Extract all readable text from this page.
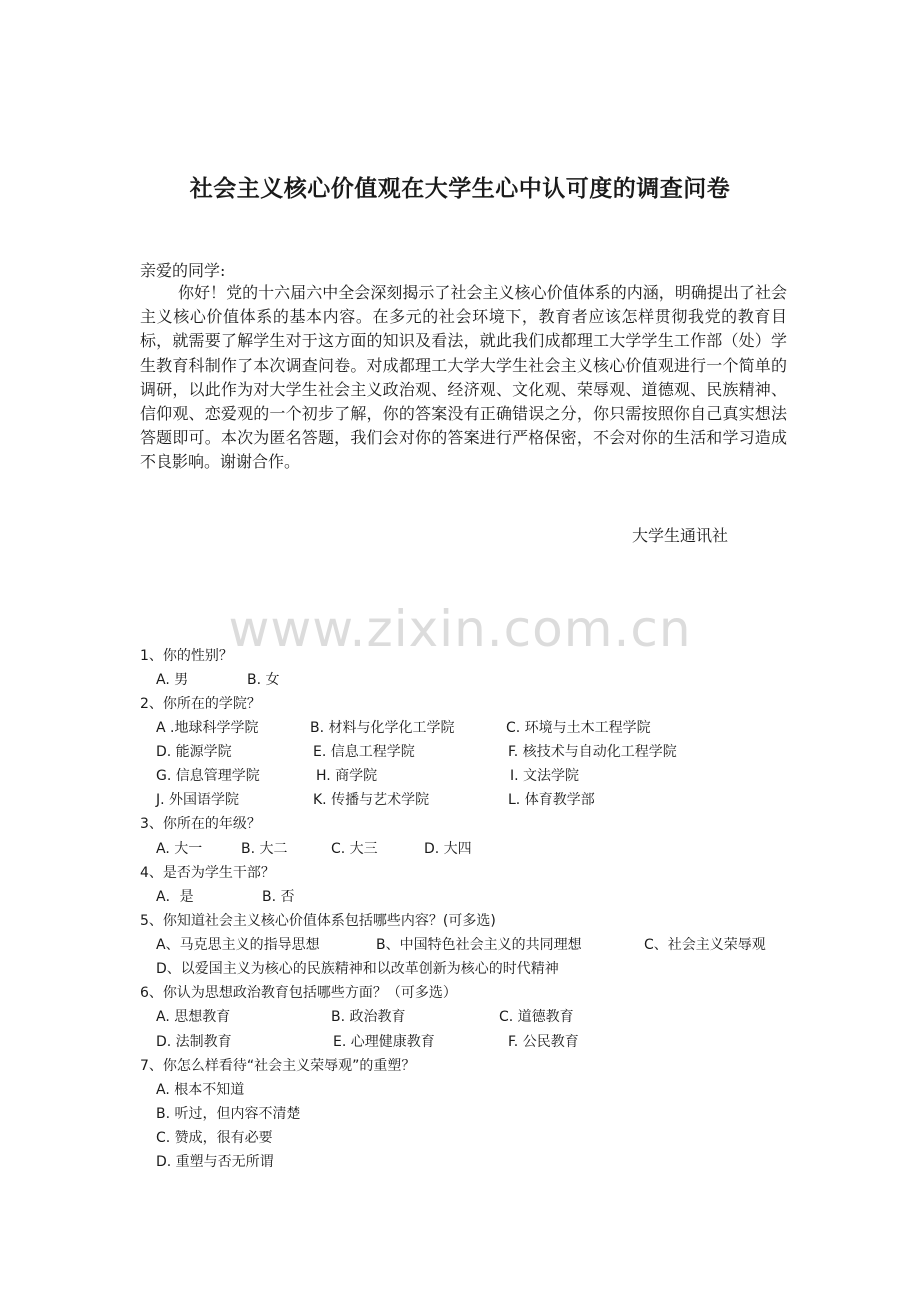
www.zixin.com.cn
社会主义核心价值观在大学生心中认可度的调查问卷
亲爱的同学:

你好！党的十六届六中全会深刻揭示了社会主义核心价值体系的内涵，明确提出了社会主义核心价值体系的基本内容。在多元的社会环境下，教育者应该怎样贯彻我党的教育目标，就需要了解学生对于这方面的知识及看法，就此我们成都理工大学学生工作部（处）学生教育科制作了本次调查问卷。对成都理工大学大学生社会主义核心价值观进行一个简单的调研，以此作为对大学生社会主义政治观、经济观、文化观、荣辱观、道德观、民族精神、信仰观、恋爱观的一个初步了解，你的答案没有正确错误之分，你只需按照你自己真实想法答题即可。本次为匿名答题，我们会对你的答案进行严格保密，不会对你的生活和学习造成不良影响。谢谢合作。

大学生通讯社
1、你的性别？
A. 男	B. 女
2、你所在的学院？
A .地球科学学院	B. 材料与化学化工学院	C. 环境与土木工程学院
D. 能源学院	E. 信息工程学院	F. 核技术与自动化工程学院
G. 信息管理学院	H. 商学院	I. 文法学院
J. 外国语学院	K. 传播与艺术学院	L. 体育教学部
3、你所在的年级？
A. 大一	B. 大二	C. 大三	D. 大四
4、是否为学生干部？
A．是	B. 否
5、你知道社会主义核心价值体系包括哪些内容？(可多选)
A、马克思主义的指导思想	B、中国特色社会主义的共同理想	C、社会主义荣辱观
D、以爱国主义为核心的民族精神和以改革创新为核心的时代精神
6、你认为思想政治教育包括哪些方面？（可多选）
A. 思想教育	B. 政治教育	C. 道德教育
D. 法制教育	E. 心理健康教育	F. 公民教育
7、你怎么样看待“社会主义荣辱观”的重塑？
A. 根本不知道
B. 听过，但内容不清楚
C. 赞成，很有必要
D. 重塑与否无所谓
